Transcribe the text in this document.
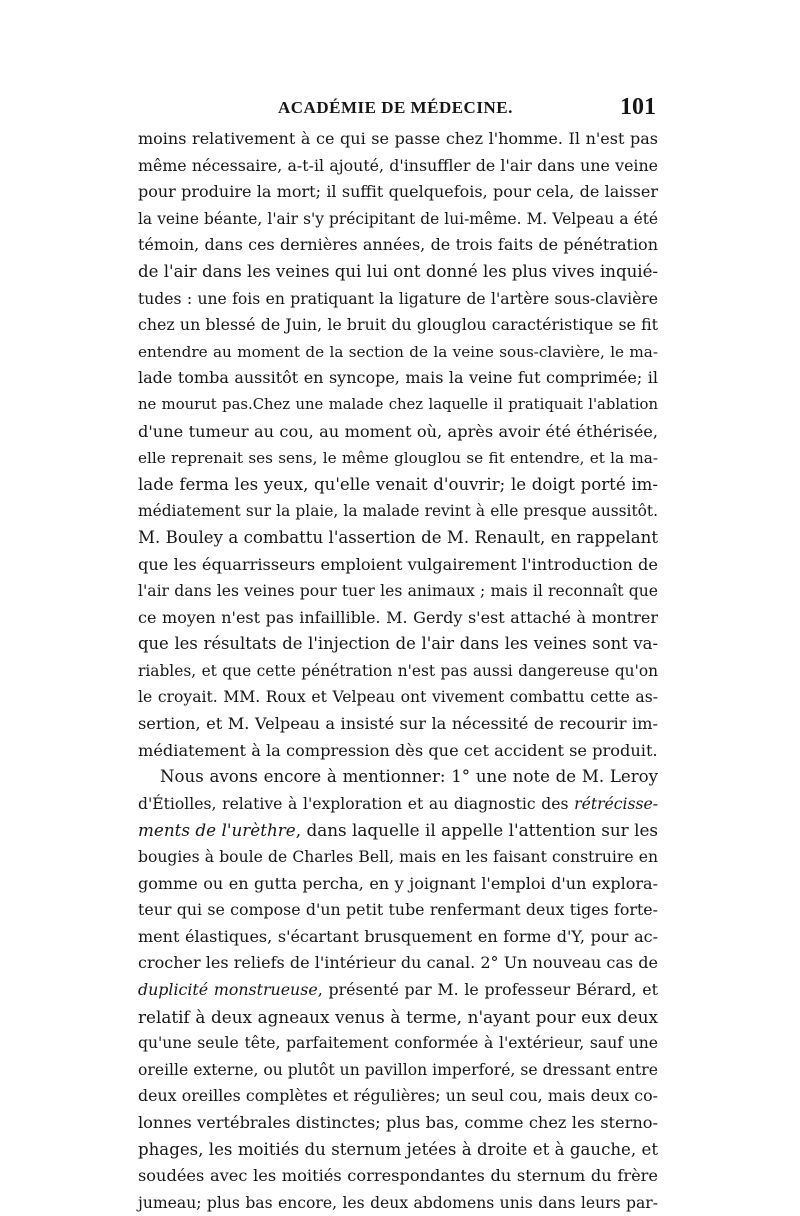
ACADÉMIE DE MÉDECINE.	101
moins relativement à ce qui se passe chez l'homme. Il n'est pas
même nécessaire, a-t-il ajouté, d'insuffler de l'air dans une veine
pour produire la mort; il suffit quelquefois, pour cela, de laisser
la veine béante, l'air s'y précipitant de lui-même. M. Velpeau a été
témoin, dans ces dernières années, de trois faits de pénétration
de l'air dans les veines qui lui ont donné les plus vives inquié-
tudes : une fois en pratiquant la ligature de l'artère sous-clavière
chez un blessé de Juin, le bruit du glouglou caractéristique se fit
entendre au moment de la section de la veine sous-clavière, le ma-
lade tomba aussitôt en syncope, mais la veine fut comprimée; il
ne mourut pas.Chez une malade chez laquelle il pratiquait l'ablation
d'une tumeur au cou, au moment où, après avoir été éthérisée,
elle reprenait ses sens, le même glouglou se fit entendre, et la ma-
lade ferma les yeux, qu'elle venait d'ouvrir; le doigt porté im-
médiatement sur la plaie, la malade revint à elle presque aussitôt.
M. Bouley a combattu l'assertion de M. Renault, en rappelant
que les équarrisseurs emploient vulgairement l'introduction de
l'air dans les veines pour tuer les animaux ; mais il reconnaît que
ce moyen n'est pas infaillible. M. Gerdy s'est attaché à montrer
que les résultats de l'injection de l'air dans les veines sont va-
riables, et que cette pénétration n'est pas aussi dangereuse qu'on
le croyait. MM. Roux et Velpeau ont vivement combattu cette as-
sertion, et M. Velpeau a insisté sur la nécessité de recourir im-
médiatement à la compression dès que cet accident se produit.
Nous avons encore à mentionner: 1° une note de M. Leroy
d'Étiolles, relative à l'exploration et au diagnostic des rétrécisse-
ments de l'urèthre, dans laquelle il appelle l'attention sur les
bougies à boule de Charles Bell, mais en les faisant construire en
gomme ou en gutta percha, en y joignant l'emploi d'un explora-
teur qui se compose d'un petit tube renfermant deux tiges forte-
ment élastiques, s'écartant brusquement en forme d'Y, pour ac-
crocher les reliefs de l'intérieur du canal. 2° Un nouveau cas de
duplicité monstrueuse, présenté par M. le professeur Bérard, et
relatif à deux agneaux venus à terme, n'ayant pour eux deux
qu'une seule tête, parfaitement conformée à l'extérieur, sauf une
oreille externe, ou plutôt un pavillon imperforé, se dressant entre
deux oreilles complètes et régulières; un seul cou, mais deux co-
lonnes vertébrales distinctes; plus bas, comme chez les sterno-
phages, les moitiés du sternum jetées à droite et à gauche, et
soudées avec les moitiés correspondantes du sternum du frère
jumeau; plus bas encore, les deux abdomens unis dans leurs par-
